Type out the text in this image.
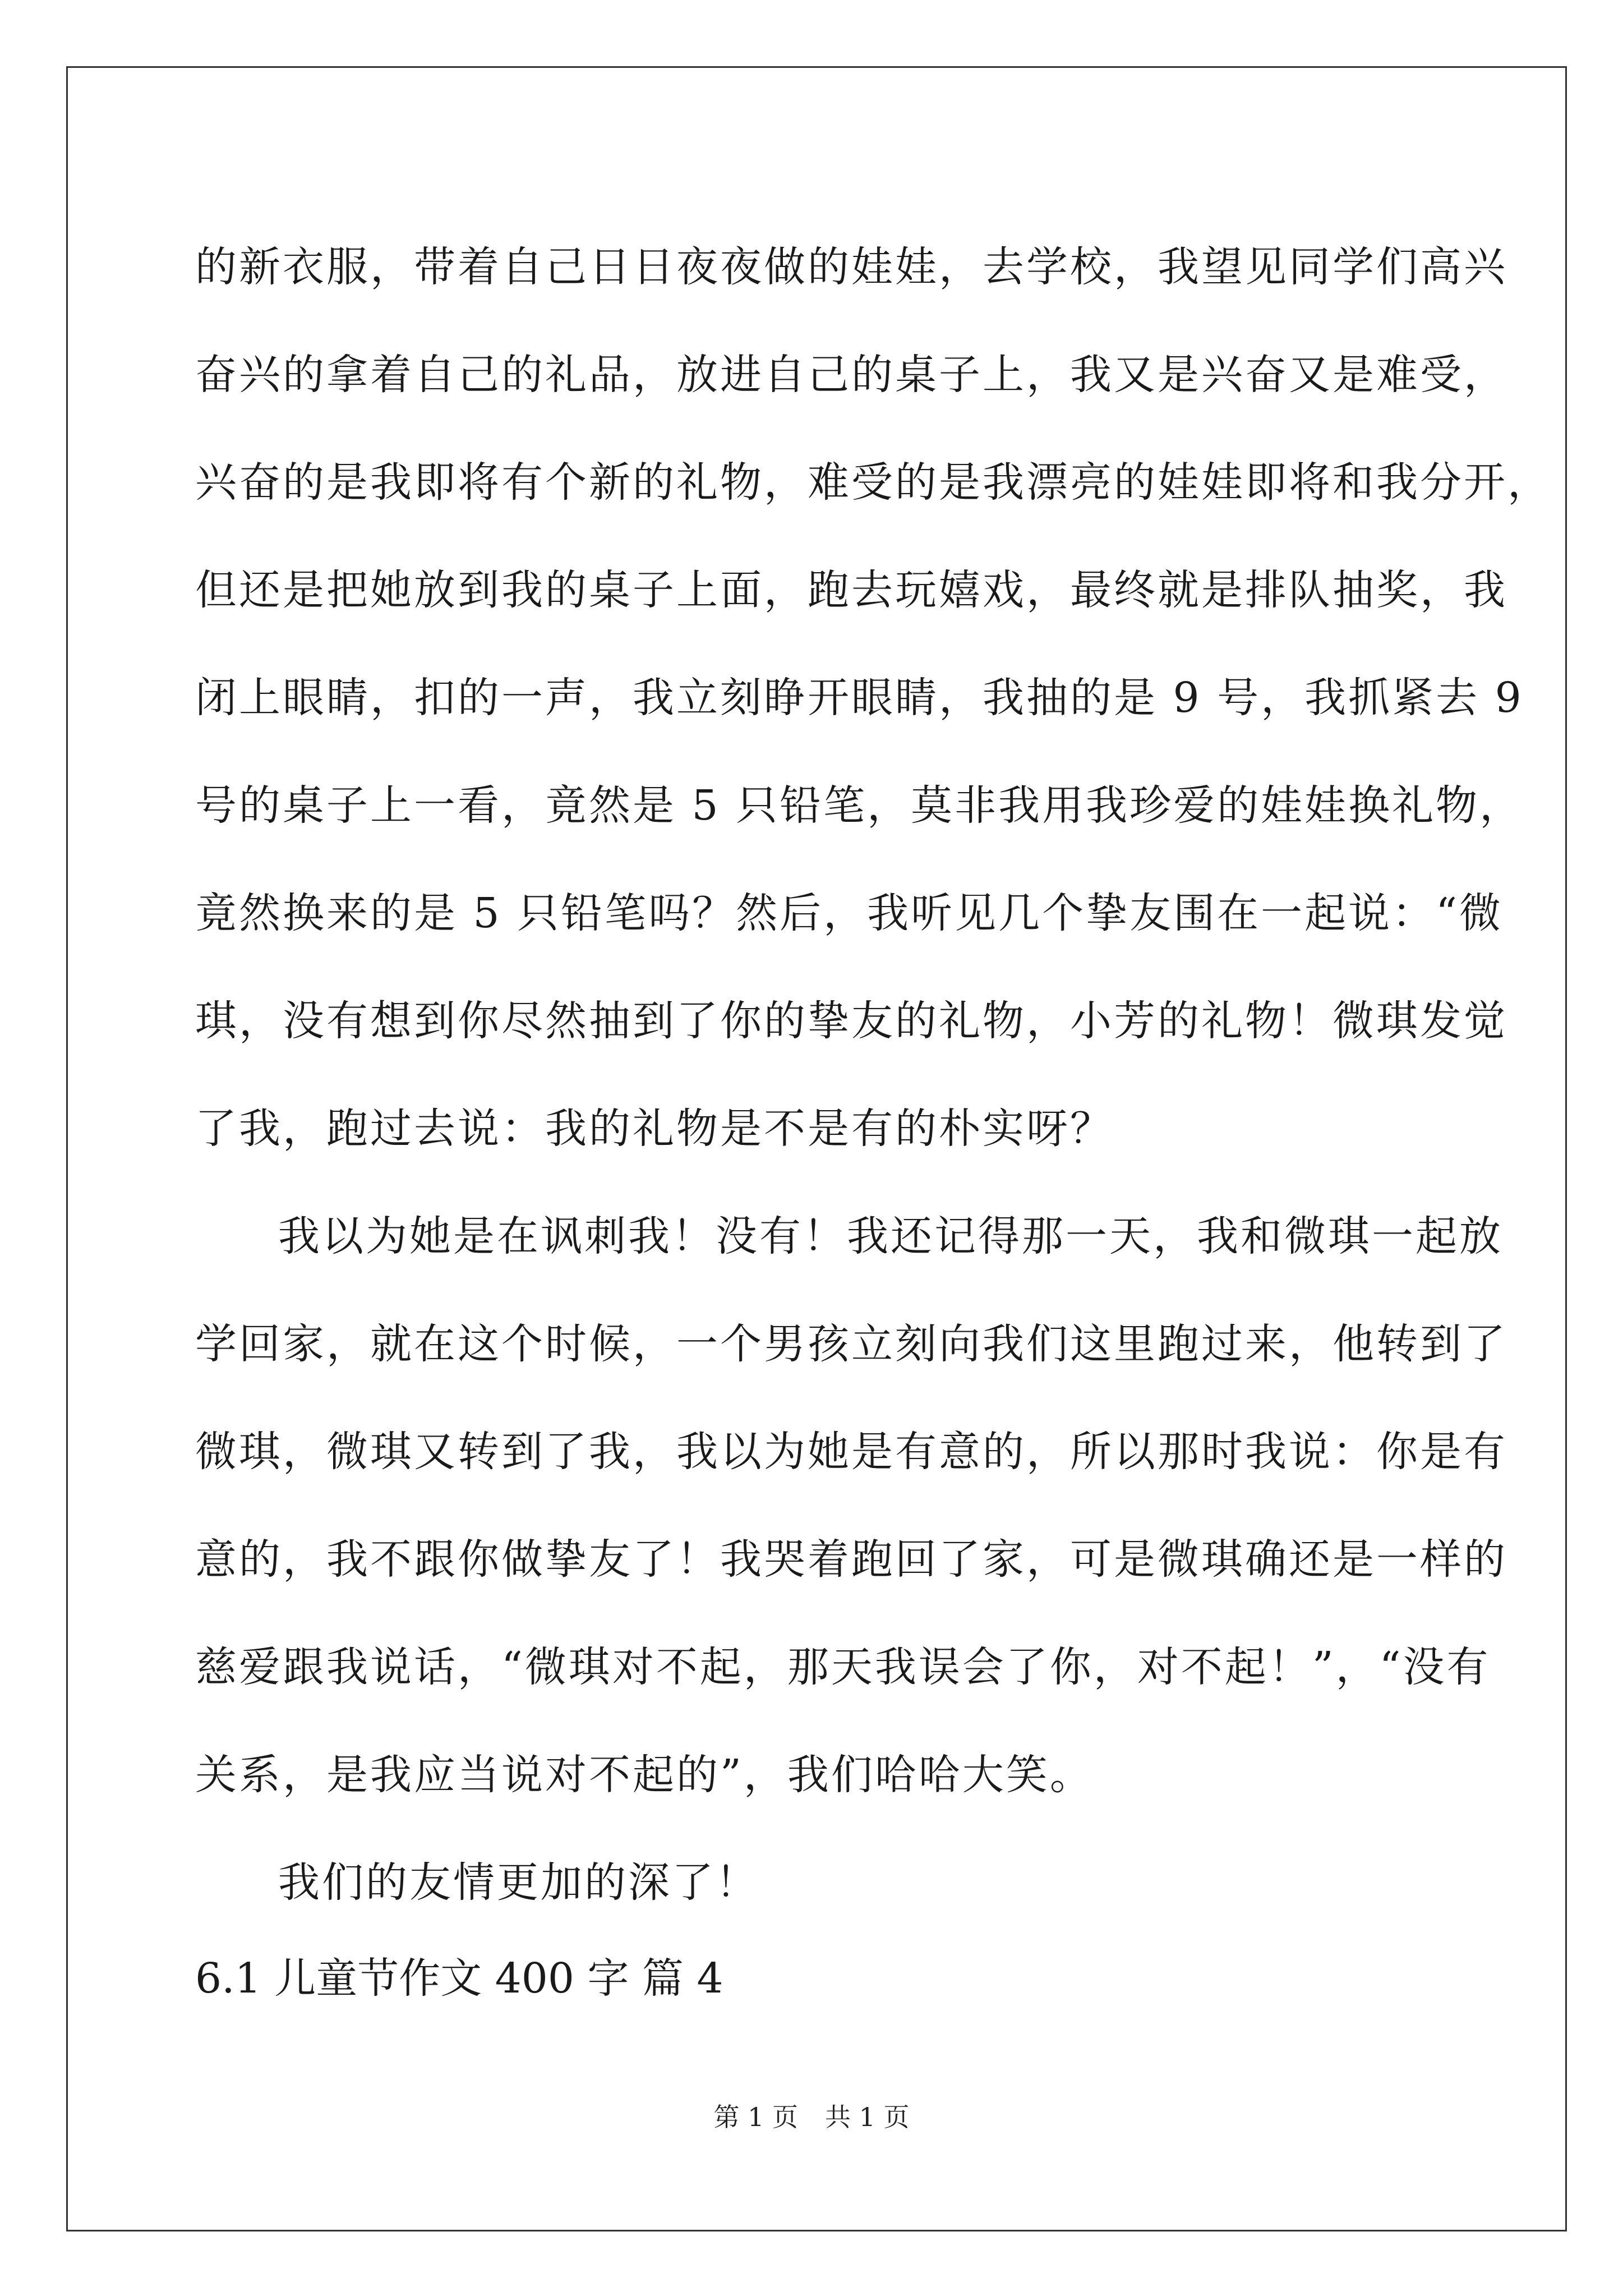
的新衣服，带着自己日日夜夜做的娃娃，去学校，我望见同学们高兴
奋兴的拿着自己的礼品，放进自己的桌子上，我又是兴奋又是难受，
兴奋的是我即将有个新的礼物，难受的是我漂亮的娃娃即将和我分开，
但还是把她放到我的桌子上面，跑去玩嬉戏，最终就是排队抽奖，我
闭上眼睛，扣的一声，我立刻睁开眼睛，我抽的是 9 号，我抓紧去 9
号的桌子上一看，竟然是 5 只铅笔，莫非我用我珍爱的娃娃换礼物，
竟然换来的是 5 只铅笔吗？然后，我听见几个挚友围在一起说：“微
琪，没有想到你尽然抽到了你的挚友的礼物，小芳的礼物！微琪发觉
了我，跑过去说：我的礼物是不是有的朴实呀？
我以为她是在讽刺我！没有！我还记得那一天，我和微琪一起放
学回家，就在这个时候，一个男孩立刻向我们这里跑过来，他转到了
微琪，微琪又转到了我，我以为她是有意的，所以那时我说：你是有
意的，我不跟你做挚友了！我哭着跑回了家，可是微琪确还是一样的
慈爱跟我说话，“微琪对不起，那天我误会了你，对不起！”，“没有
关系，是我应当说对不起的”，我们哈哈大笑。
我们的友情更加的深了！
6.1 儿童节作文 400 字 篇 4
第 1 页 共 1 页
